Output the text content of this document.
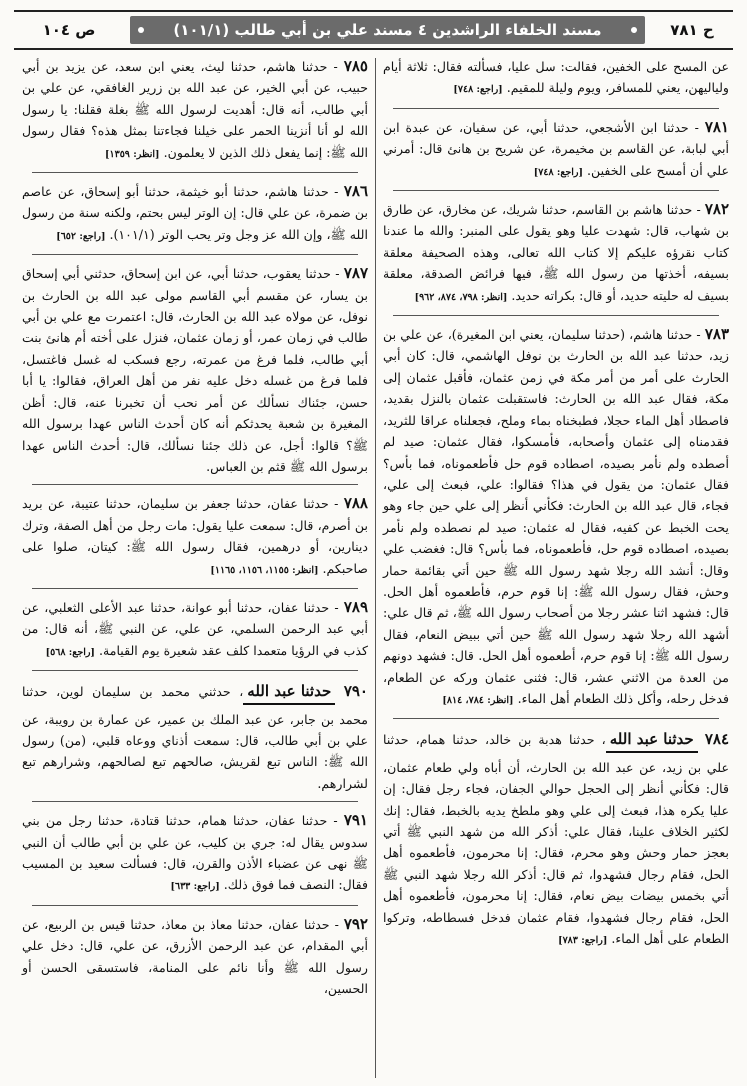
ص ١٠٤	مسند الخلفاء الراشدين ٤ مسند علي بن أبي طالب (١٠١/١)	ح ٧٨١

عن المسح على الخفين، فقالت: سل عليا، فسألته فقال: ثلاثة أيام ولياليهن، يعني للمسافر، ويوم وليلة للمقيم. [راجع: ٧٤٨]

٧٨١ - حدثنا ابن الأشجعي، حدثنا أبي، عن سفيان، عن عبدة ابن أبي لبابة، عن القاسم بن مخيمرة، عن شريح بن هانئ قال: أمرني علي أن أمسح على الخفين. [راجع: ٧٤٨]

٧٨٢ - حدثنا هاشم بن القاسم، حدثنا شريك، عن مخارق، عن طارق بن شهاب، قال: شهدت عليا وهو يقول على المنبر: والله ما عندنا كتاب نقرؤه عليكم إلا كتاب الله تعالى، وهذه الصحيفة معلقة بسيفه، أخذتها من رسول الله ﷺ، فيها فرائض الصدقة، معلقة بسيف له حليته حديد، أو قال: بكراته حديد. [انظر: ٧٩٨، ٨٧٤، ٩٦٢]

٧٨٣ - حدثنا هاشم، (حدثنا سليمان، يعني ابن المغيرة)، عن علي بن زيد، حدثنا عبد الله بن الحارث بن نوفل الهاشمي، قال: كان أبي الحارث على أمر من أمر مكة في زمن عثمان، فأقبل عثمان إلى مكة، فقال عبد الله بن الحارث: فاستقبلت عثمان بالنزل بقديد، فاصطاد أهل الماء حجلا، فطبخناه بماء وملح، فجعلناه عراقا للثريد، فقدمناه إلى عثمان وأصحابه، فأمسكوا، فقال عثمان: صيد لم أصطده ولم نأمر بصيده، اصطاده قوم حل فأطعموناه، فما بأس؟ فقال عثمان: من يقول في هذا؟ فقالوا: علي، فبعث إلى علي، فجاء، قال عبد الله بن الحارث: فكأني أنظر إلى علي حين جاء وهو يحت الخبط عن كفيه، فقال له عثمان: صيد لم نصطده ولم نأمر بصيده، اصطاده قوم حل، فأطعموناه، فما بأس؟ قال: فغضب علي وقال: أنشد الله رجلا شهد رسول الله ﷺ حين أتي بقائمة حمار وحش، فقال رسول الله ﷺ: إنا قوم حرم، فأطعموه أهل الحل. قال: فشهد اثنا عشر رجلا من أصحاب رسول الله ﷺ، ثم قال علي: أشهد الله رجلا شهد رسول الله ﷺ حين أتي ببيض النعام، فقال رسول الله ﷺ: إنا قوم حرم، أطعموه أهل الحل. قال: فشهد دونهم من العدة من الاثني عشر، قال: فثنى عثمان وركه عن الطعام، فدخل رحله، وأكل ذلك الطعام أهل الماء. [انظر: ٧٨٤، ٨١٤]

٧٨٤ حدثنا عبد الله، حدثنا هدبة بن خالد، حدثنا همام، حدثنا علي بن زيد، عن عبد الله بن الحارث، أن أباه ولي طعام عثمان، قال: فكأني أنظر إلى الحجل حوالي الجفان، فجاء رجل فقال: إن عليا يكره هذا، فبعث إلى علي وهو ملطخ يديه بالخبط، فقال: إنك لكثير الخلاف علينا، فقال علي: أذكر الله من شهد النبي ﷺ أتي بعجز حمار وحش وهو محرم، فقال: إنا محرمون، فأطعموه أهل الحل، فقام رجال فشهدوا، ثم قال: أذكر الله رجلا شهد النبي ﷺ أتي بخمس بيضات بيض نعام، فقال: إنا محرمون، فأطعموه أهل الحل، فقام رجال فشهدوا، فقام عثمان فدخل فسطاطه، وتركوا الطعام على أهل الماء. [راجع: ٧٨٣]

٧٨٥ - حدثنا هاشم، حدثنا ليث، يعني ابن سعد، عن يزيد بن أبي حبيب، عن أبي الخير، عن عبد الله بن زرير الغافقي، عن علي بن أبي طالب، أنه قال: أهديت لرسول الله ﷺ بغلة فقلنا: يا رسول الله لو أنا أنزينا الحمر على خيلنا فجاءتنا بمثل هذه؟ فقال رسول الله ﷺ: إنما يفعل ذلك الذين لا يعلمون. [انظر: ١٣٥٩]

٧٨٦ - حدثنا هاشم، حدثنا أبو خيثمة، حدثنا أبو إسحاق، عن عاصم بن ضمرة، عن علي قال: إن الوتر ليس بحتم، ولكنه سنة من رسول الله ﷺ، وإن الله عز وجل وتر يحب الوتر (١٠١/١). [راجع: ٦٥٢]

٧٨٧ - حدثنا يعقوب، حدثنا أبي، عن ابن إسحاق، حدثني أبي إسحاق بن يسار، عن مقسم أبي القاسم مولى عبد الله بن الحارث بن نوفل، عن مولاه عبد الله بن الحارث، قال: اعتمرت مع علي بن أبي طالب في زمان عمر، أو زمان عثمان، فنزل على أخته أم هانئ بنت أبي طالب، فلما فرغ من عمرته، رجع فسكب له غسل فاغتسل، فلما فرغ من غسله دخل عليه نفر من أهل العراق، فقالوا: يا أبا حسن، جئناك نسألك عن أمر نحب أن تخبرنا عنه، قال: أظن المغيرة بن شعبة يحدثكم أنه كان أحدث الناس عهدا برسول الله ﷺ؟ قالوا: أجل، عن ذلك جئنا نسألك، قال: أحدث الناس عهدا برسول الله ﷺ قثم بن العباس.

٧٨٨ - حدثنا عفان، حدثنا جعفر بن سليمان، حدثنا عتيبة، عن بريد بن أصرم، قال: سمعت عليا يقول: مات رجل من أهل الصفة، وترك دينارين، أو درهمين، فقال رسول الله ﷺ: كيتان، صلوا على صاحبكم. [انظر: ١١٥٥، ١١٥٦، ١١٦٥]

٧٨٩ - حدثنا عفان، حدثنا أبو عوانة، حدثنا عبد الأعلى الثعلبي، عن أبي عبد الرحمن السلمي، عن علي، عن النبي ﷺ، أنه قال: من كذب في الرؤيا متعمدا كلف عقد شعيرة يوم القيامة. [راجع: ٥٦٨]

٧٩٠ حدثنا عبد الله، حدثني محمد بن سليمان لوين، حدثنا محمد بن جابر، عن عبد الملك بن عمير، عن عمارة بن رويبة، عن علي بن أبي طالب، قال: سمعت أذناي ووعاه قلبي، (من) رسول الله ﷺ: الناس تبع لقريش، صالحهم تبع لصالحهم، وشرارهم تبع لشرارهم.

٧٩١ - حدثنا عفان، حدثنا همام، حدثنا قتادة، حدثنا رجل من بني سدوس يقال له: جري بن كليب، عن علي بن أبي طالب أن النبي ﷺ نهى عن عضباء الأذن والقرن، قال: فسألت سعيد بن المسيب فقال: النصف فما فوق ذلك. [راجع: ٦٣٣]

٧٩٢ - حدثنا عفان، حدثنا معاذ بن معاذ، حدثنا قيس بن الربيع، عن أبي المقدام، عن عبد الرحمن الأزرق، عن علي، قال: دخل علي رسول الله ﷺ وأنا نائم على المنامة، فاستسقى الحسن أو الحسين،
